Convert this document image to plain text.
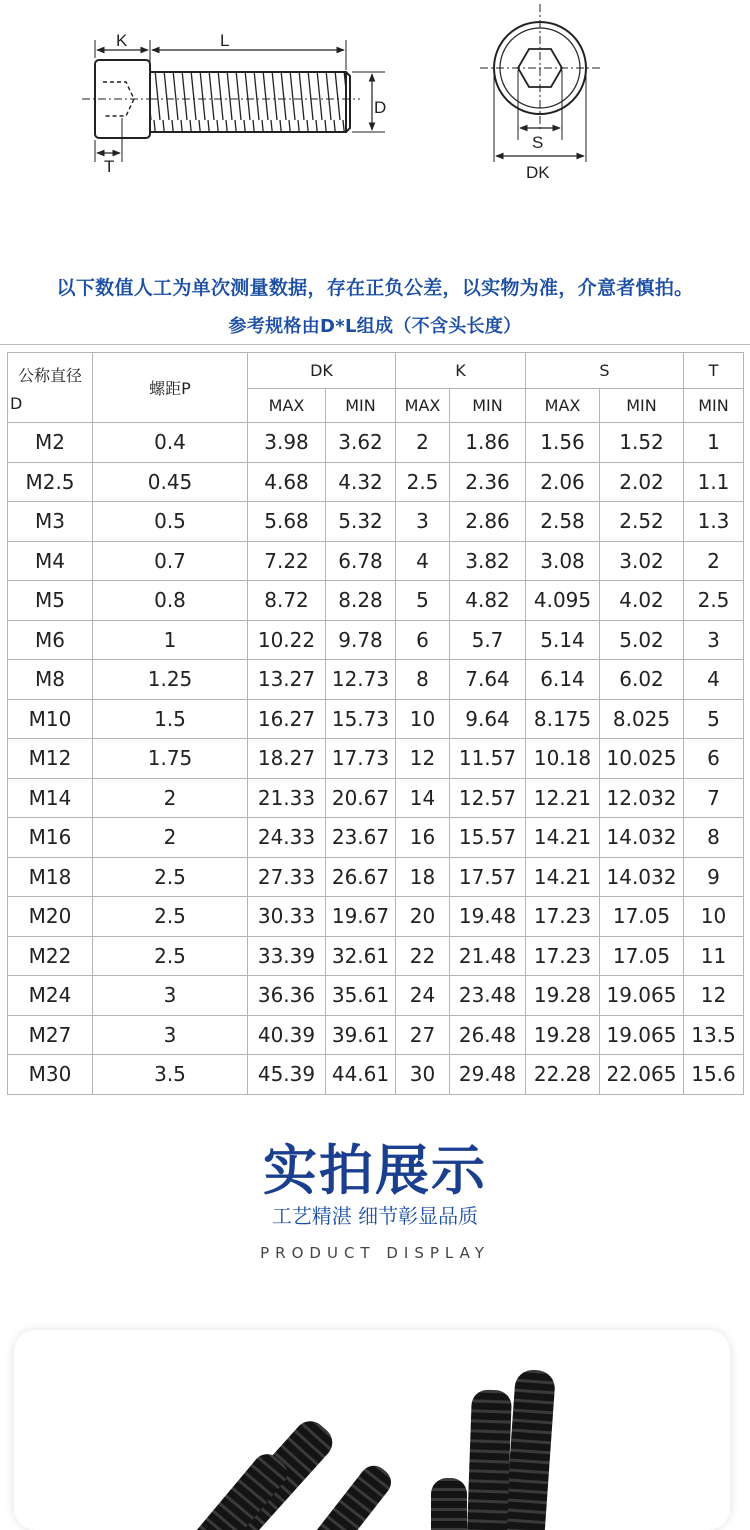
K	L
D
T
S
DK
以下数值人工为单次测量数据，存在正负公差，以实物为准，介意者慎拍。
参考规格由D*L组成（不含头长度）
公称直径
D	螺距P	DK		K		S		T
		MAX	MIN	MAX	MIN	MAX	MIN	MIN
M2	0.4	3.98	3.62	2	1.86	1.56	1.52	1
M2.5	0.45	4.68	4.32	2.5	2.36	2.06	2.02	1.1
M3	0.5	5.68	5.32	3	2.86	2.58	2.52	1.3
M4	0.7	7.22	6.78	4	3.82	3.08	3.02	2
M5	0.8	8.72	8.28	5	4.82	4.095	4.02	2.5
M6	1	10.22	9.78	6	5.7	5.14	5.02	3
M8	1.25	13.27	12.73	8	7.64	6.14	6.02	4
M10	1.5	16.27	15.73	10	9.64	8.175	8.025	5
M12	1.75	18.27	17.73	12	11.57	10.18	10.025	6
M14	2	21.33	20.67	14	12.57	12.21	12.032	7
M16	2	24.33	23.67	16	15.57	14.21	14.032	8
M18	2.5	27.33	26.67	18	17.57	14.21	14.032	9
M20	2.5	30.33	19.67	20	19.48	17.23	17.05	10
M22	2.5	33.39	32.61	22	21.48	17.23	17.05	11
M24	3	36.36	35.61	24	23.48	19.28	19.065	12
M27	3	40.39	39.61	27	26.48	19.28	19.065	13.5
M30	3.5	45.39	44.61	30	29.48	22.28	22.065	15.6
实拍展示
工艺精湛 细节彰显品质
PRODUCT DISPLAY
